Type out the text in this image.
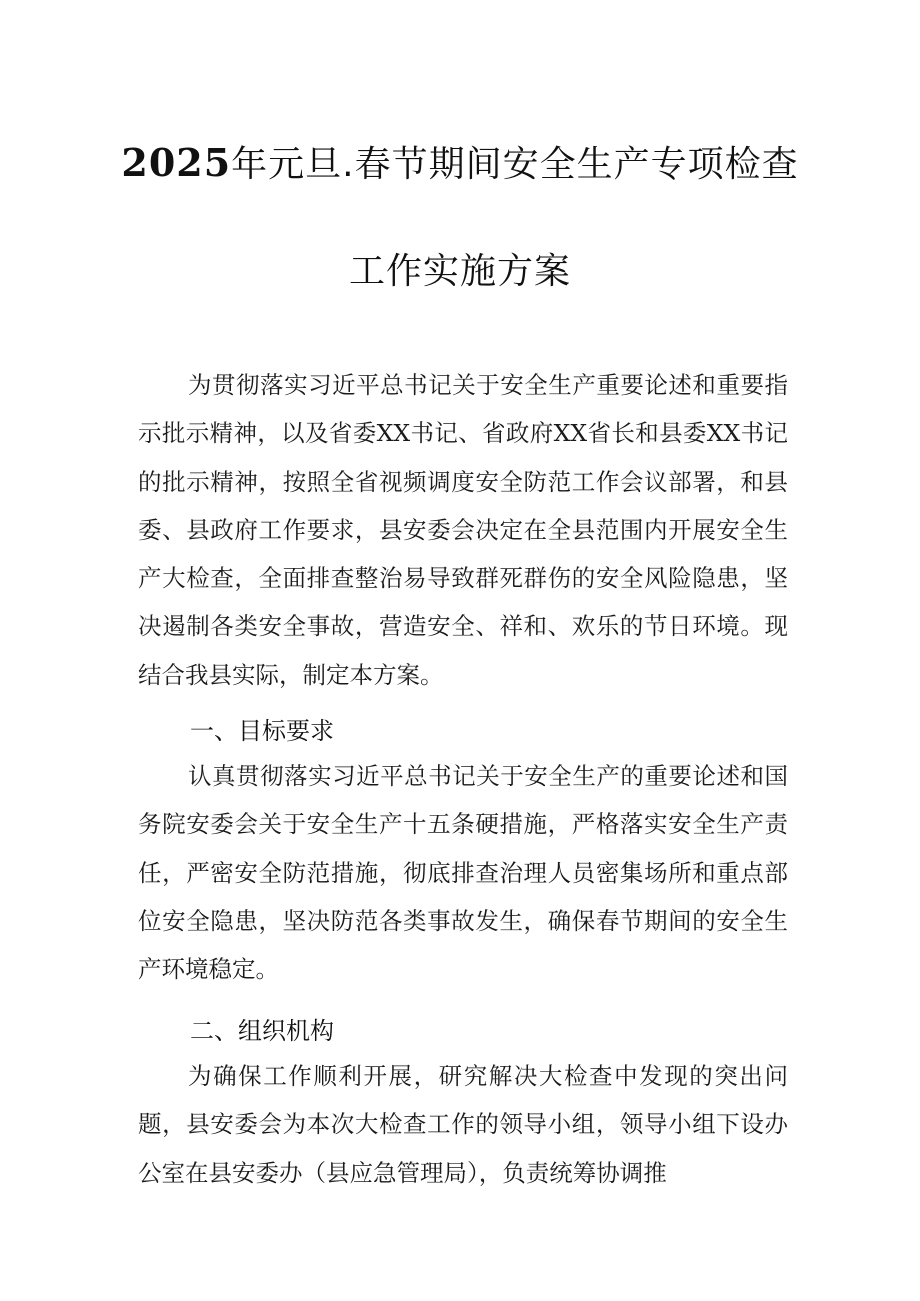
2025年元旦.春节期间安全生产专项检查
工作实施方案
为贯彻落实习近平总书记关于安全生产重要论述和重要指示批示精神，以及省委XX书记、省政府XX省长和县委XX书记的批示精神，按照全省视频调度安全防范工作会议部署，和县委、县政府工作要求，县安委会决定在全县范围内开展安全生产大检查，全面排查整治易导致群死群伤的安全风险隐患，坚决遏制各类安全事故，营造安全、祥和、欢乐的节日环境。现结合我县实际，制定本方案。
一、目标要求
认真贯彻落实习近平总书记关于安全生产的重要论述和国务院安委会关于安全生产十五条硬措施，严格落实安全生产责任，严密安全防范措施，彻底排查治理人员密集场所和重点部位安全隐患，坚决防范各类事故发生，确保春节期间的安全生产环境稳定。
二、组织机构
为确保工作顺利开展，研究解决大检查中发现的突出问题，县安委会为本次大检查工作的领导小组，领导小组下设办公室在县安委办（县应急管理局），负责统筹协调推
